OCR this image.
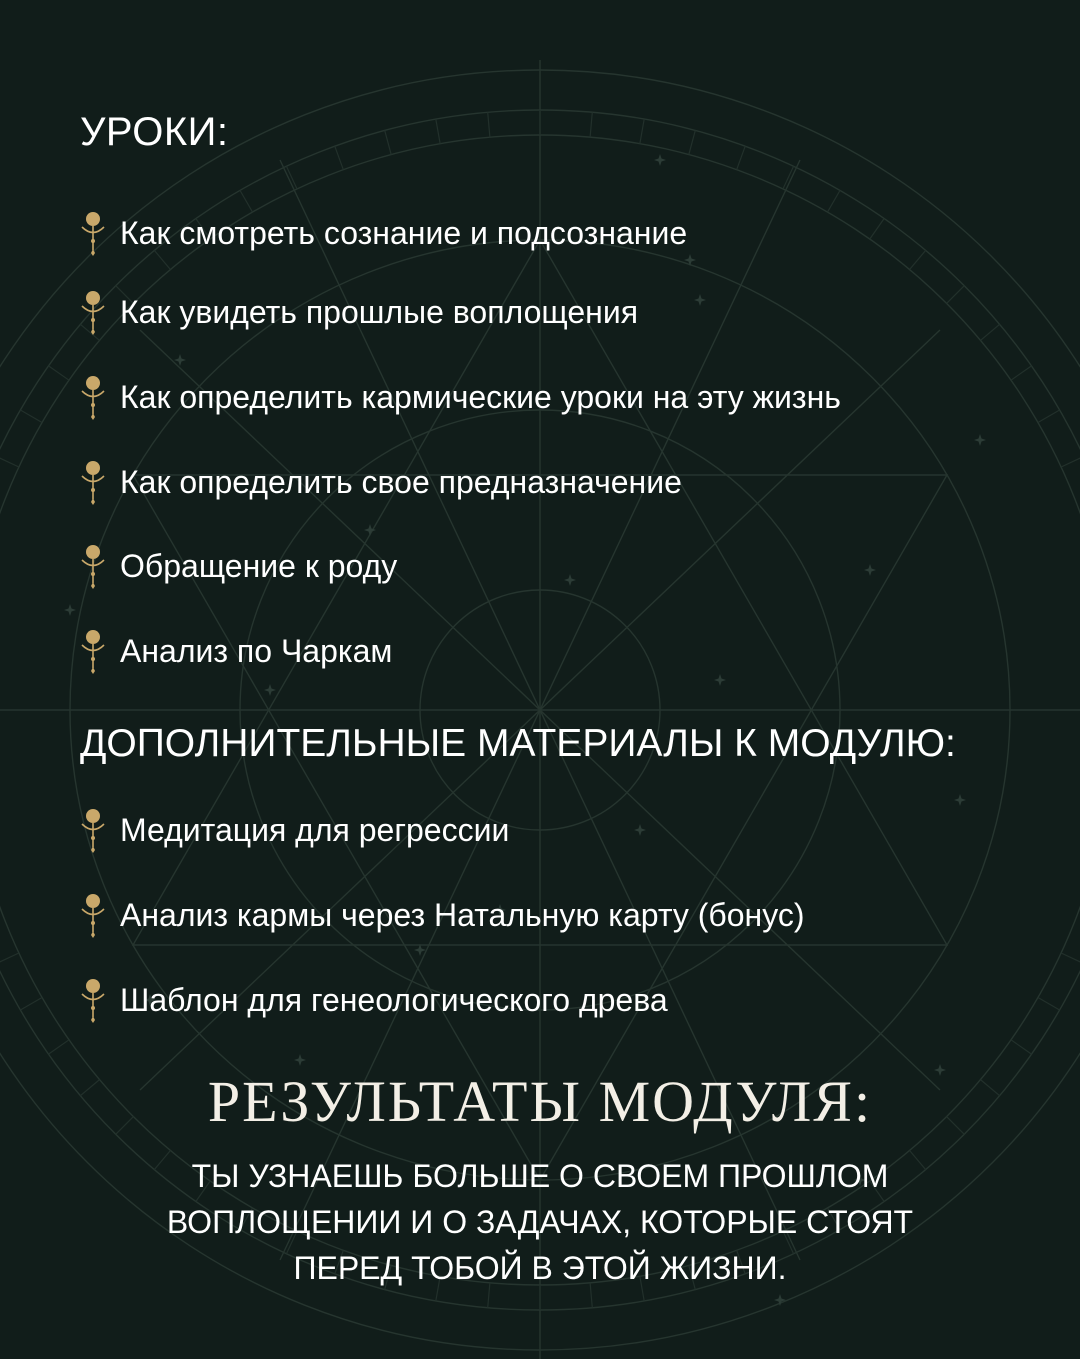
УРОКИ:
Как смотреть сознание и подсознание
Как увидеть прошлые воплощения
Как определить кармические уроки на эту жизнь
Как определить свое предназначение
Обращение к роду
Анализ по Чаркам
ДОПОЛНИТЕЛЬНЫЕ МАТЕРИАЛЫ К МОДУЛЮ:
Медитация для регрессии
Анализ кармы через Натальную карту (бонус)
Шаблон для генеологического древа
РЕЗУЛЬТАТЫ МОДУЛЯ:

ТЫ УЗНАЕШЬ БОЛЬШЕ О СВОЕМ ПРОШЛОМ
ВОПЛОЩЕНИИ И О ЗАДАЧАХ, КОТОРЫЕ СТОЯТ
ПЕРЕД ТОБОЙ В ЭТОЙ ЖИЗНИ.
